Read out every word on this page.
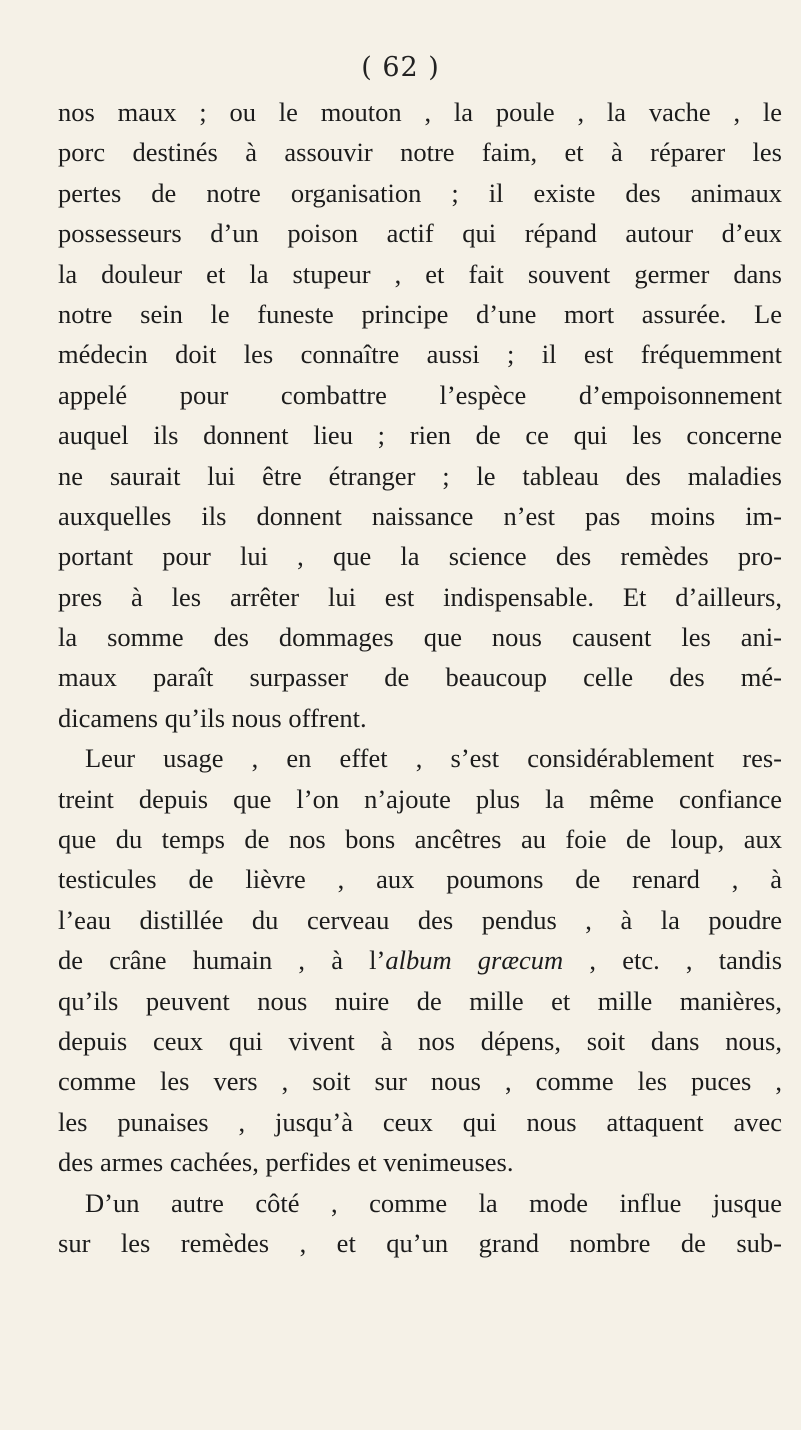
( 62 )
nos maux ; ou le mouton , la poule , la vache , le
porc destinés à assouvir notre faim, et à réparer les
pertes de notre organisation ; il existe des animaux
possesseurs d’un poison actif qui répand autour d’eux
la douleur et la stupeur , et fait souvent germer dans
notre sein le funeste principe d’une mort assurée. Le
médecin doit les connaître aussi ; il est fréquemment
appelé pour combattre l’espèce d’empoisonnement
auquel ils donnent lieu ; rien de ce qui les concerne
ne saurait lui être étranger ; le tableau des maladies
auxquelles ils donnent naissance n’est pas moins im-
portant pour lui , que la science des remèdes pro-
pres à les arrêter lui est indispensable. Et d’ailleurs,
la somme des dommages que nous causent les ani-
maux paraît surpasser de beaucoup celle des mé-
dicamens qu’ils nous offrent.
Leur usage , en effet , s’est considérablement res-
treint depuis que l’on n’ajoute plus la même confiance
que du temps de nos bons ancêtres au foie de loup, aux
testicules de lièvre , aux poumons de renard , à
l’eau distillée du cerveau des pendus , à la poudre
de crâne humain , à l’album græcum , etc. , tandis
qu’ils peuvent nous nuire de mille et mille manières,
depuis ceux qui vivent à nos dépens, soit dans nous,
comme les vers , soit sur nous , comme les puces ,
les punaises , jusqu’à ceux qui nous attaquent avec
des armes cachées, perfides et venimeuses.
D’un autre côté , comme la mode influe jusque
sur les remèdes , et qu’un grand nombre de sub-
